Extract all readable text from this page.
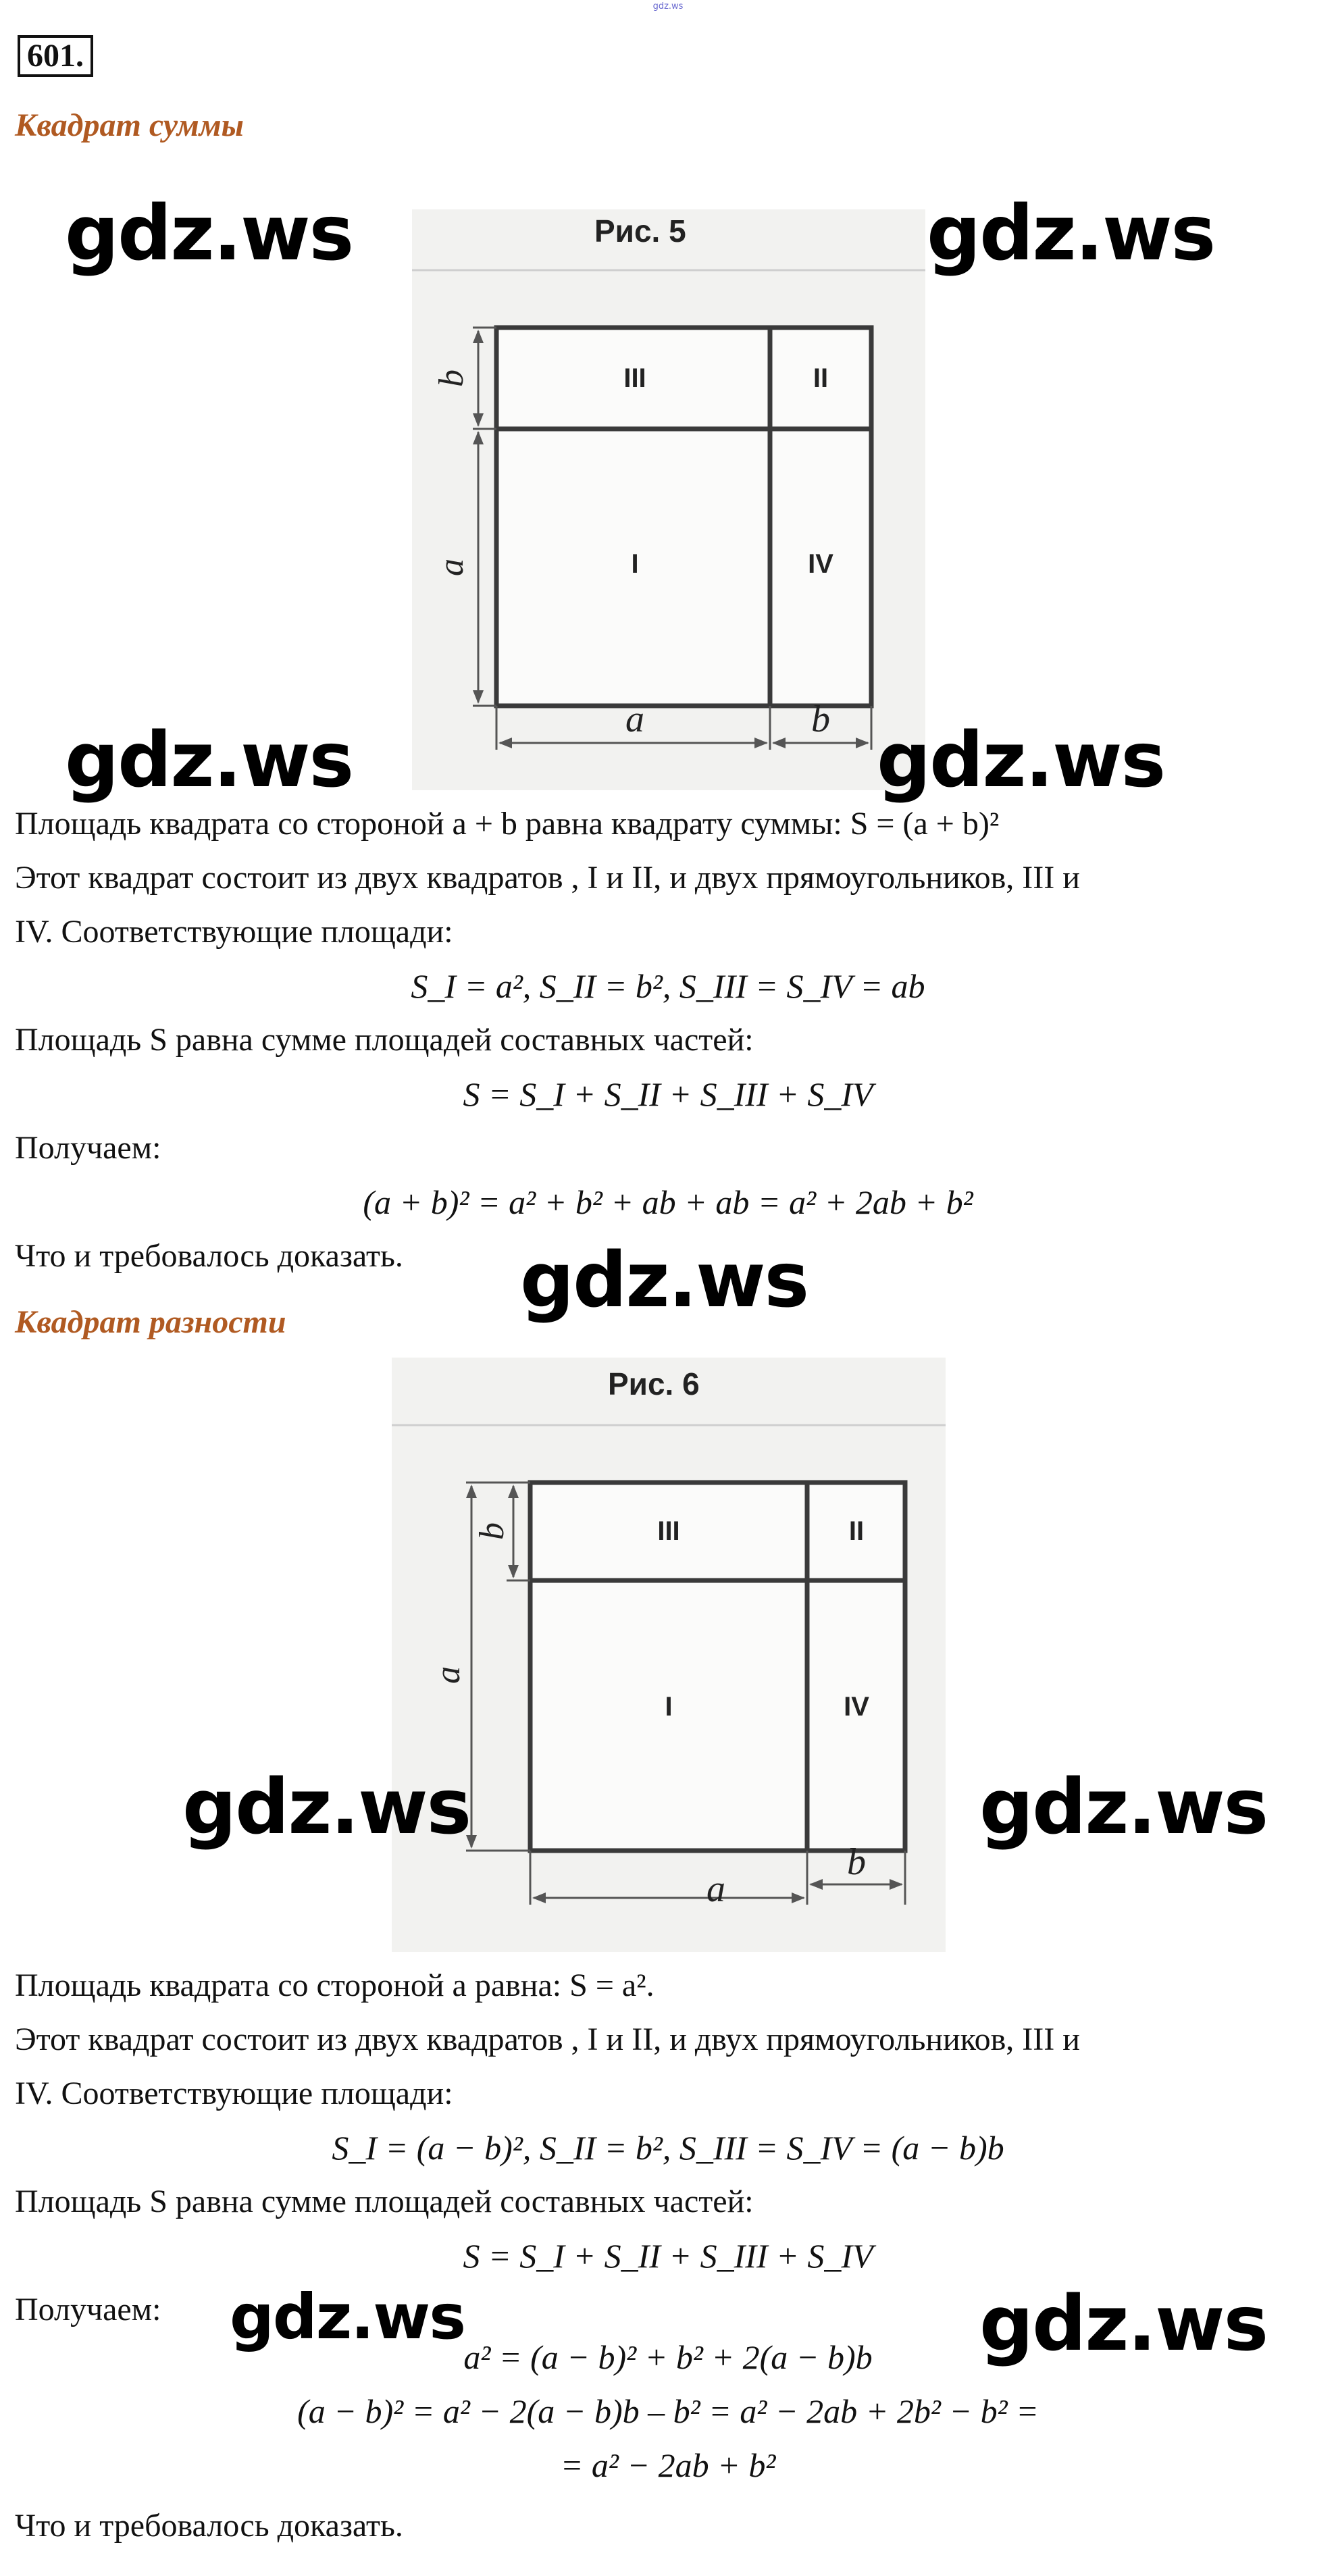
gdz.ws
601.
Квадрат суммы
Рис. 5
III	II
I	IV
b
a
a	b
Площадь квадрата со стороной a + b равна квадрату суммы: S = (a + b)²
Этот квадрат состоит из двух квадратов , I и II, и двух прямоугольников, III и
IV. Соответствующие площади:
S_I = a², S_II = b², S_III = S_IV = ab
Площадь S равна сумме площадей составных частей:
S = S_I + S_II + S_III + S_IV
Получаем:
(a + b)² = a² + b² + ab + ab = a² + 2ab + b²
Что и требовалось доказать.
Квадрат разности
Рис. 6
III	II
I	IV
b
a
a
b
Площадь квадрата со стороной a равна: S = a².
Этот квадрат состоит из двух квадратов , I и II, и двух прямоугольников, III и
IV. Соответствующие площади:
S_I = (a − b)², S_II = b², S_III = S_IV = (a − b)b
Площадь S равна сумме площадей составных частей:
S = S_I + S_II + S_III + S_IV
Получаем:
a² = (a − b)² + b² + 2(a − b)b
(a − b)² = a² − 2(a − b)b – b² = a² − 2ab + 2b² − b² =
= a² − 2ab + b²
Что и требовалось доказать.
gdz.ws	gdz.ws
gdz.ws	gdz.ws
gdz.ws
gdz.ws	gdz.ws
gdz.ws	gdz.ws
